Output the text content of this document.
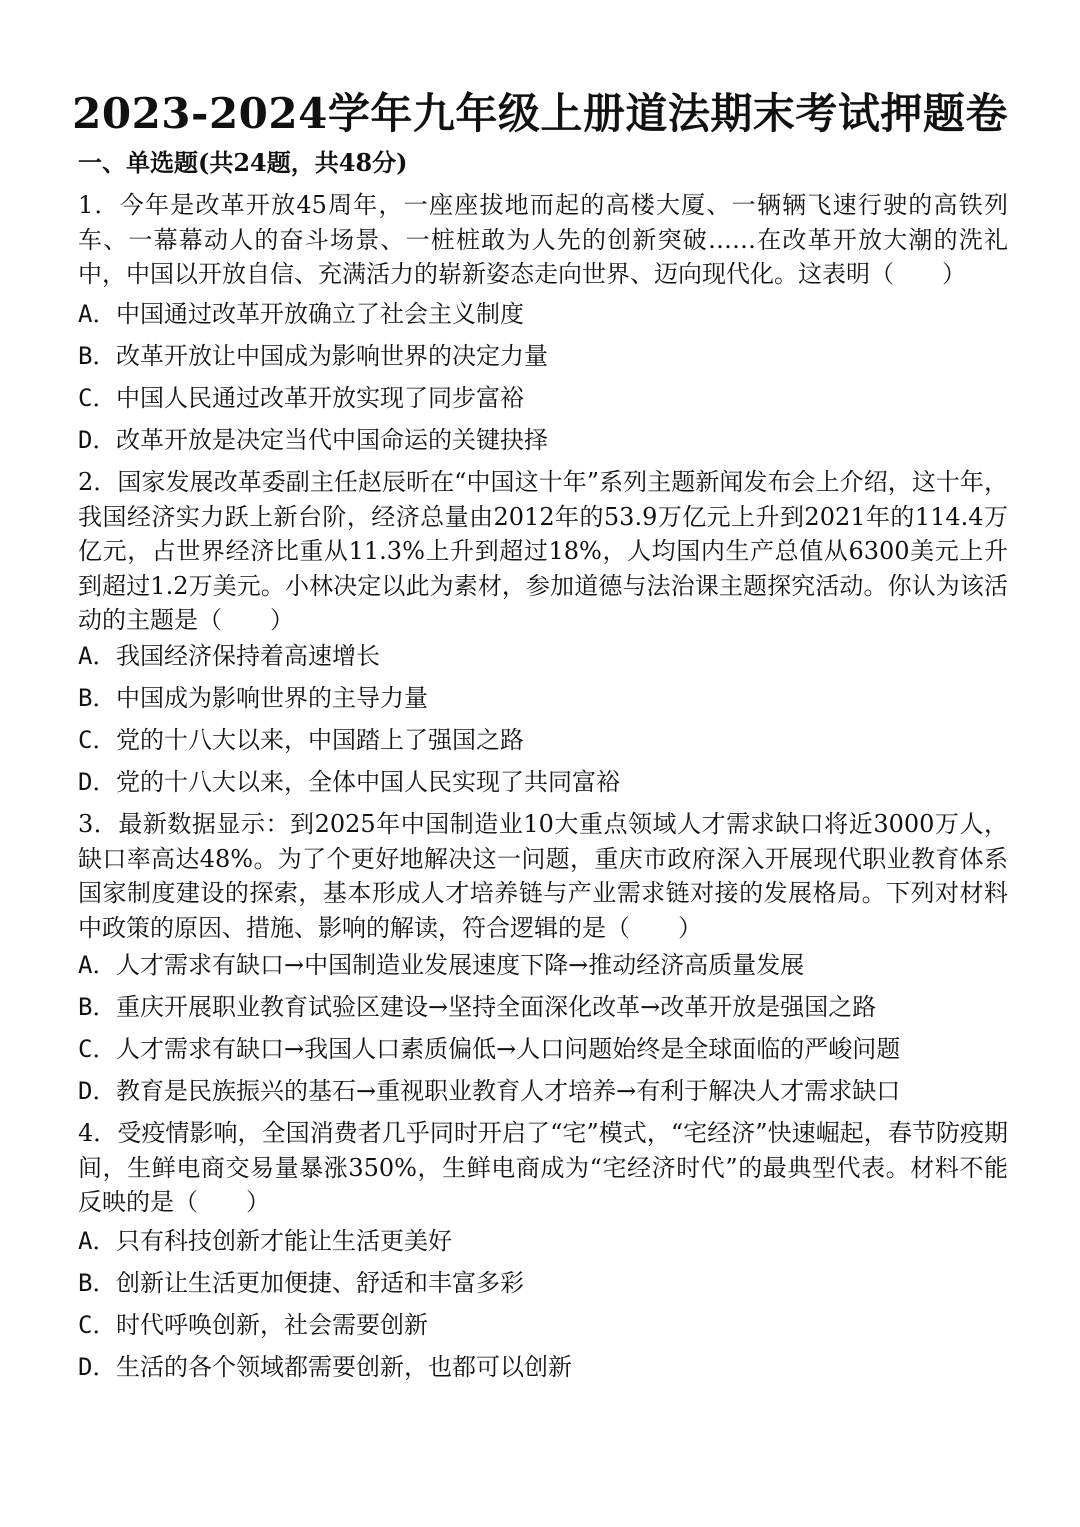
2023-2024学年九年级上册道法期末考试押题卷
一、单选题(共24题，共48分)
1．今年是改革开放45周年，一座座拔地而起的高楼大厦、一辆辆飞速行驶的高铁列车、一幕幕动人的奋斗场景、一桩桩敢为人先的创新突破……在改革开放大潮的洗礼中，中国以开放自信、充满活力的崭新姿态走向世界、迈向现代化。这表明（　　）
A．中国通过改革开放确立了社会主义制度
B．改革开放让中国成为影响世界的决定力量
C．中国人民通过改革开放实现了同步富裕
D．改革开放是决定当代中国命运的关键抉择
2．国家发展改革委副主任赵辰昕在“中国这十年”系列主题新闻发布会上介绍，这十年，我国经济实力跃上新台阶，经济总量由2012年的53.9万亿元上升到2021年的114.4万亿元，占世界经济比重从11.3%上升到超过18%，人均国内生产总值从6300美元上升到超过1.2万美元。小林决定以此为素材，参加道德与法治课主题探究活动。你认为该活动的主题是（　　）
A．我国经济保持着高速增长
B．中国成为影响世界的主导力量
C．党的十八大以来，中国踏上了强国之路
D．党的十八大以来，全体中国人民实现了共同富裕
3．最新数据显示：到2025年中国制造业10大重点领域人才需求缺口将近3000万人，缺口率高达48%。为了个更好地解决这一问题，重庆市政府深入开展现代职业教育体系国家制度建设的探索，基本形成人才培养链与产业需求链对接的发展格局。下列对材料中政策的原因、措施、影响的解读，符合逻辑的是（　　）
A．人才需求有缺口→中国制造业发展速度下降→推动经济高质量发展
B．重庆开展职业教育试验区建设→坚持全面深化改革→改革开放是强国之路
C．人才需求有缺口→我国人口素质偏低→人口问题始终是全球面临的严峻问题
D．教育是民族振兴的基石→重视职业教育人才培养→有利于解决人才需求缺口
4．受疫情影响，全国消费者几乎同时开启了“宅”模式，“宅经济”快速崛起，春节防疫期间，生鲜电商交易量暴涨350%，生鲜电商成为“宅经济时代”的最典型代表。材料不能反映的是（　　）
A．只有科技创新才能让生活更美好
B．创新让生活更加便捷、舒适和丰富多彩
C．时代呼唤创新，社会需要创新
D．生活的各个领域都需要创新，也都可以创新
